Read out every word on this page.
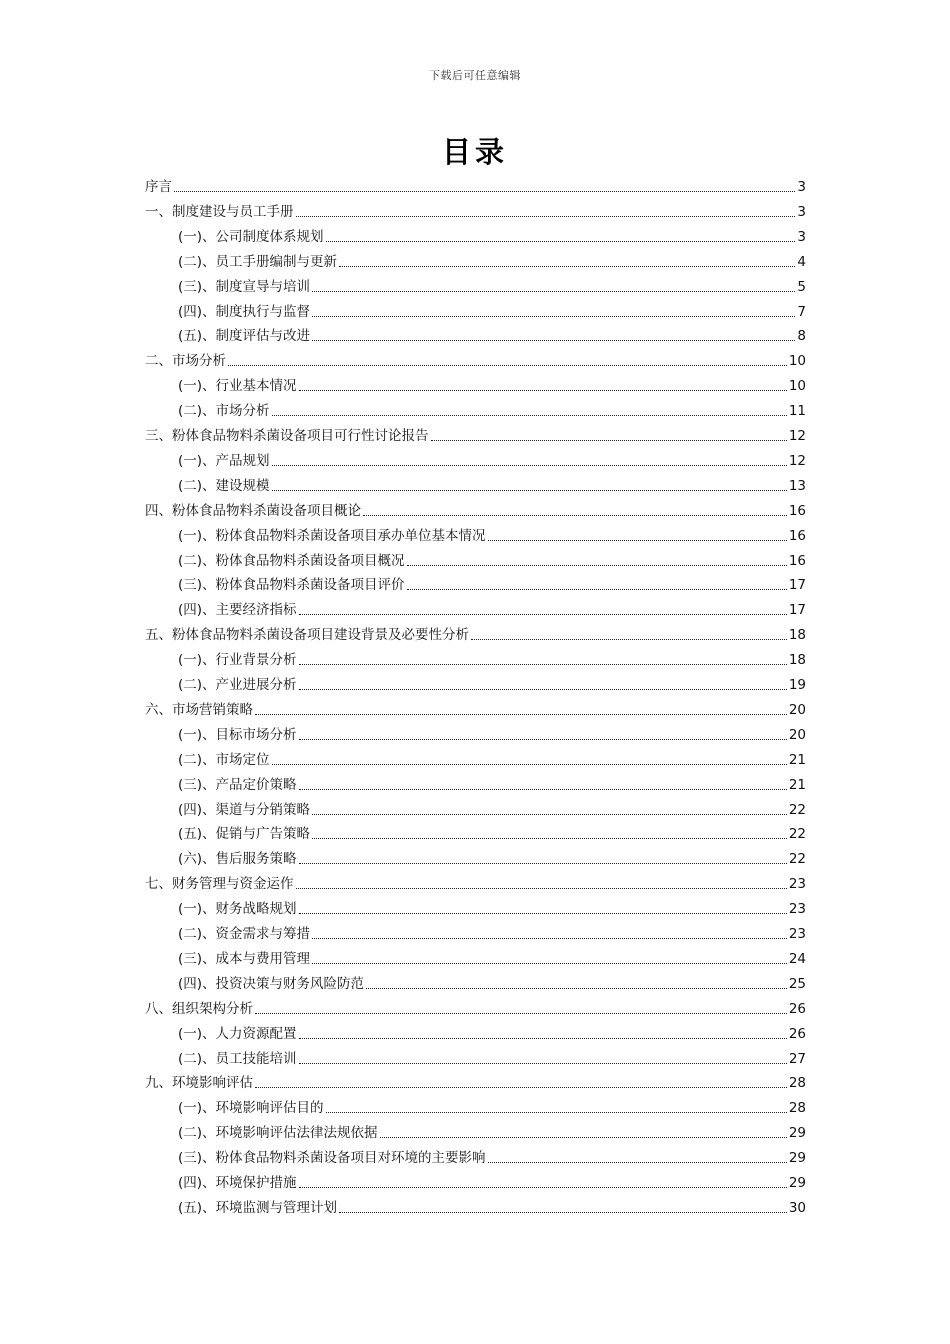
下载后可任意编辑
目录
序言	3
一、制度建设与员工手册	3
(一)、公司制度体系规划	3
(二)、员工手册编制与更新	4
(三)、制度宣导与培训	5
(四)、制度执行与监督	7
(五)、制度评估与改进	8
二、市场分析	10
(一)、行业基本情况	10
(二)、市场分析	11
三、粉体食品物料杀菌设备项目可行性讨论报告	12
(一)、产品规划	12
(二)、建设规模	13
四、粉体食品物料杀菌设备项目概论	16
(一)、粉体食品物料杀菌设备项目承办单位基本情况	16
(二)、粉体食品物料杀菌设备项目概况	16
(三)、粉体食品物料杀菌设备项目评价	17
(四)、主要经济指标	17
五、粉体食品物料杀菌设备项目建设背景及必要性分析	18
(一)、行业背景分析	18
(二)、产业进展分析	19
六、市场营销策略	20
(一)、目标市场分析	20
(二)、市场定位	21
(三)、产品定价策略	21
(四)、渠道与分销策略	22
(五)、促销与广告策略	22
(六)、售后服务策略	22
七、财务管理与资金运作	23
(一)、财务战略规划	23
(二)、资金需求与筹措	23
(三)、成本与费用管理	24
(四)、投资决策与财务风险防范	25
八、组织架构分析	26
(一)、人力资源配置	26
(二)、员工技能培训	27
九、环境影响评估	28
(一)、环境影响评估目的	28
(二)、环境影响评估法律法规依据	29
(三)、粉体食品物料杀菌设备项目对环境的主要影响	29
(四)、环境保护措施	29
(五)、环境监测与管理计划	30
